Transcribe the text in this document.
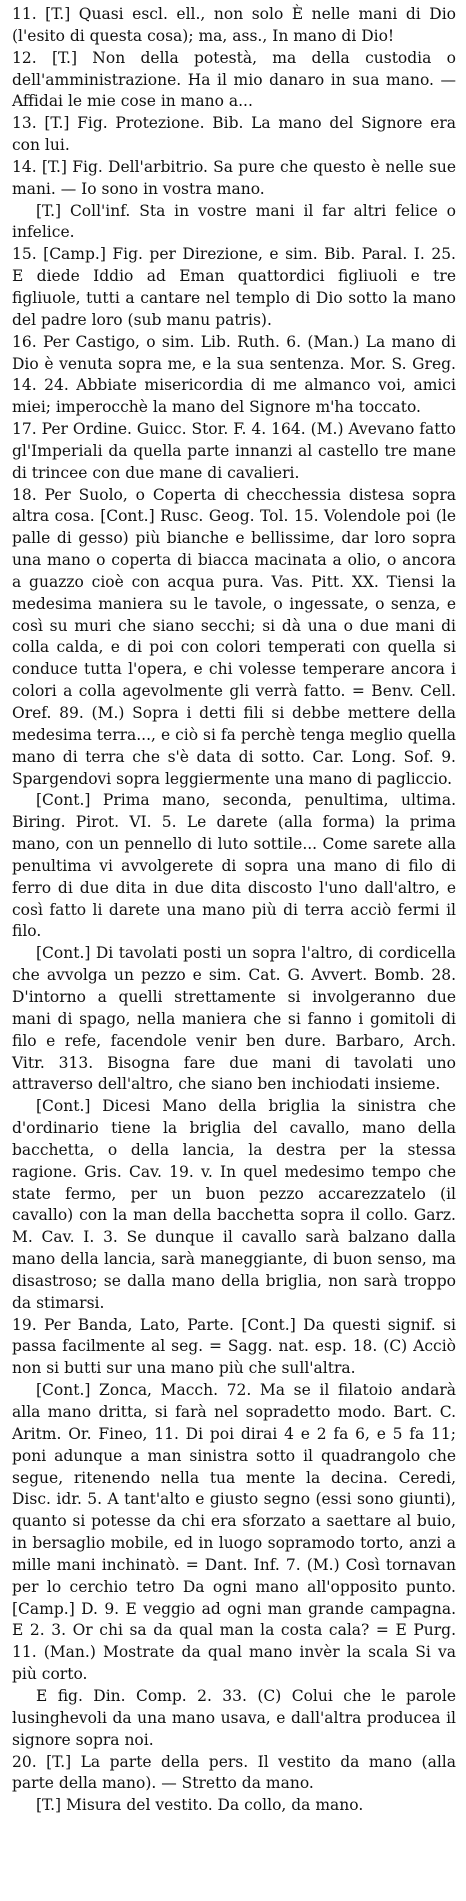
11. [T.] Quasi escl. ell., non solo È nelle mani di Dio (l'esito di questa cosa); ma, ass., In mano di Dio!

12. [T.] Non della potestà, ma della custodia o dell'amministrazione. Ha il mio danaro in sua mano. — Affidai le mie cose in mano a...

13. [T.] Fig. Protezione. Bib. La mano del Signore era con lui.

14. [T.] Fig. Dell'arbitrio. Sa pure che questo è nelle sue mani. — Io sono in vostra mano.

[T.] Coll'inf. Sta in vostre mani il far altri felice o infelice.

15. [Camp.] Fig. per Direzione, e sim. Bib. Paral. I. 25. E diede Iddio ad Eman quattordici figliuoli e tre figliuole, tutti a cantare nel templo di Dio sotto la mano del padre loro (sub manu patris).

16. Per Castigo, o sim. Lib. Ruth. 6. (Man.) La mano di Dio è venuta sopra me, e la sua sentenza. Mor. S. Greg. 14. 24. Abbiate misericordia di me almanco voi, amici miei; imperocchè la mano del Signore m'ha toccato.

17. Per Ordine. Guicc. Stor. F. 4. 164. (M.) Avevano fatto gl'Imperiali da quella parte innanzi al castello tre mane di trincee con due mane di cavalieri.

18. Per Suolo, o Coperta di checchessia distesa sopra altra cosa. [Cont.] Rusc. Geog. Tol. 15. Volendole poi (le palle di gesso) più bianche e bellissime, dar loro sopra una mano o coperta di biacca macinata a olio, o ancora a guazzo cioè con acqua pura. Vas. Pitt. XX. Tiensi la medesima maniera su le tavole, o ingessate, o senza, e così su muri che siano secchi; si dà una o due mani di colla calda, e di poi con colori temperati con quella si conduce tutta l'opera, e chi volesse temperare ancora i colori a colla agevolmente gli verrà fatto. = Benv. Cell. Oref. 89. (M.) Sopra i detti fili si debbe mettere della medesima terra..., e ciò si fa perchè tenga meglio quella mano di terra che s'è data di sotto. Car. Long. Sof. 9. Spargendovi sopra leggiermente una mano di pagliccio.

[Cont.] Prima mano, seconda, penultima, ultima. Biring. Pirot. VI. 5. Le darete (alla forma) la prima mano, con un pennello di luto sottile... Come sarete alla penultima vi avvolgerete di sopra una mano di filo di ferro di due dita in due dita discosto l'uno dall'altro, e così fatto li darete una mano più di terra acciò fermi il filo.

[Cont.] Di tavolati posti un sopra l'altro, di cordicella che avvolga un pezzo e sim. Cat. G. Avvert. Bomb. 28. D'intorno a quelli strettamente si involgeranno due mani di spago, nella maniera che si fanno i gomitoli di filo e refe, facendole venir ben dure. Barbaro, Arch. Vitr. 313. Bisogna fare due mani di tavolati uno attraverso dell'altro, che siano ben inchiodati insieme.

[Cont.] Dicesi Mano della briglia la sinistra che d'ordinario tiene la briglia del cavallo, mano della bacchetta, o della lancia, la destra per la stessa ragione. Gris. Cav. 19. v. In quel medesimo tempo che state fermo, per un buon pezzo accarezzatelo (il cavallo) con la man della bacchetta sopra il collo. Garz. M. Cav. I. 3. Se dunque il cavallo sarà balzano dalla mano della lancia, sarà maneggiante, di buon senso, ma disastroso; se dalla mano della briglia, non sarà troppo da stimarsi.

19. Per Banda, Lato, Parte. [Cont.] Da questi signif. si passa facilmente al seg. = Sagg. nat. esp. 18. (C) Acciò non si butti sur una mano più che sull'altra.

[Cont.] Zonca, Macch. 72. Ma se il filatoio andarà alla mano dritta, si farà nel sopradetto modo. Bart. C. Aritm. Or. Fineo, 11. Di poi dirai 4 e 2 fa 6, e 5 fa 11; poni adunque a man sinistra sotto il quadrangolo che segue, ritenendo nella tua mente la decina. Ceredi, Disc. idr. 5. A tant'alto e giusto segno (essi sono giunti), quanto si potesse da chi era sforzato a saettare al buio, in bersaglio mobile, ed in luogo sopramodo torto, anzi a mille mani inchinatò. = Dant. Inf. 7. (M.) Così tornavan per lo cerchio tetro Da ogni mano all'opposito punto. [Camp.] D. 9. E veggio ad ogni man grande campagna. E 2. 3. Or chi sa da qual man la costa cala? = E Purg. 11. (Man.) Mostrate da qual mano invèr la scala Si va più corto.

E fig. Din. Comp. 2. 33. (C) Colui che le parole lusinghevoli da una mano usava, e dall'altra produceа il signore sopra noi.

20. [T.] La parte della pers. Il vestito da mano (alla parte della mano). — Stretto da mano.

[T.] Misura del vestito. Da collo, da mano.
